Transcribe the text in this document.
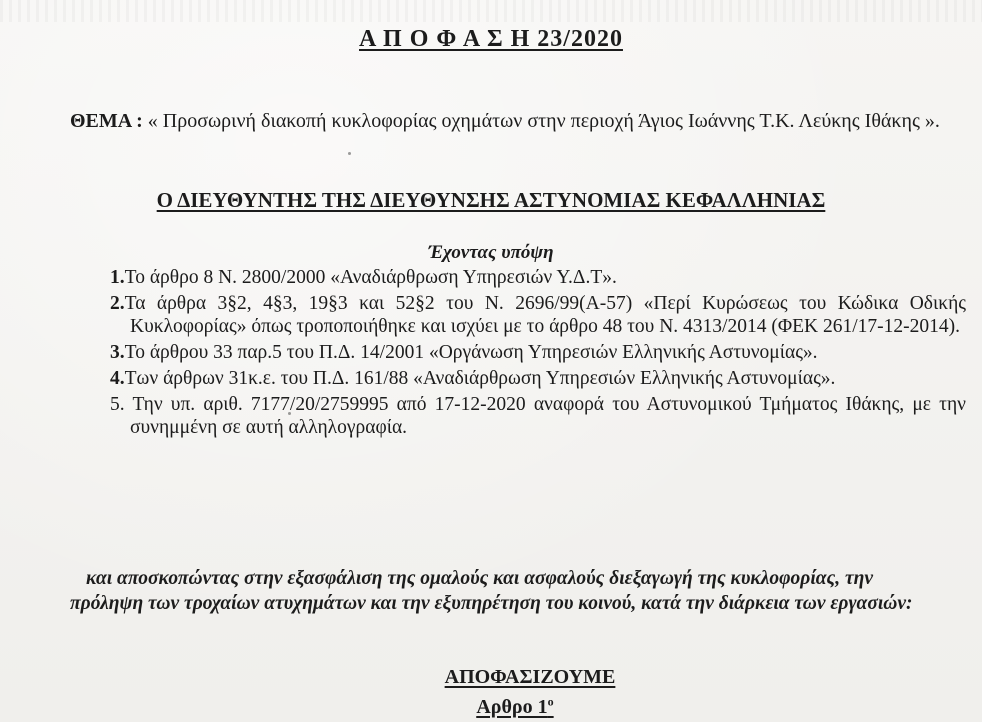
Α Π Ο Φ Α Σ Η 23/2020
ΘΕΜΑ : « Προσωρινή διακοπή κυκλοφορίας οχημάτων στην περιοχή Άγιος Ιωάννης Τ.Κ. Λεύκης Ιθάκης ».
Ο ΔΙΕΥΘΥΝΤΗΣ ΤΗΣ ΔΙΕΥΘΥΝΣΗΣ ΑΣΤΥΝΟΜΙΑΣ ΚΕΦΑΛΛΗΝΙΑΣ
Έχοντας υπόψη
1.Το άρθρο 8 Ν. 2800/2000 «Αναδιάρθρωση Υπηρεσιών Υ.Δ.Τ».
2.Τα άρθρα 3§2, 4§3, 19§3 και 52§2 του Ν. 2696/99(Α-57) «Περί Κυρώσεως του Κώδικα Οδικής Κυκλοφορίας» όπως τροποποιήθηκε και ισχύει με το άρθρο 48 του Ν. 4313/2014 (ΦΕΚ 261/17-12-2014).
3.Το άρθρου 33 παρ.5 του Π.Δ. 14/2001 «Οργάνωση Υπηρεσιών Ελληνικής Αστυνομίας».
4.Των άρθρων 31κ.ε. του Π.Δ. 161/88 «Αναδιάρθρωση Υπηρεσιών Ελληνικής Αστυνομίας».
5. Την υπ. αριθ. 7177/20/2759995 από 17-12-2020 αναφορά του Αστυνομικού Τμήματος Ιθάκης, με την συνημμένη σε αυτή αλληλογραφία.
και αποσκοπώντας στην εξασφάλιση της ομαλούς και ασφαλούς διεξαγωγή της κυκλοφορίας, την πρόληψη των τροχαίων ατυχημάτων και την εξυπηρέτηση του κοινού, κατά την διάρκεια των εργασιών:
ΑΠΟΦΑΣΙΖΟΥΜΕ
Αρθρο $1^o$
